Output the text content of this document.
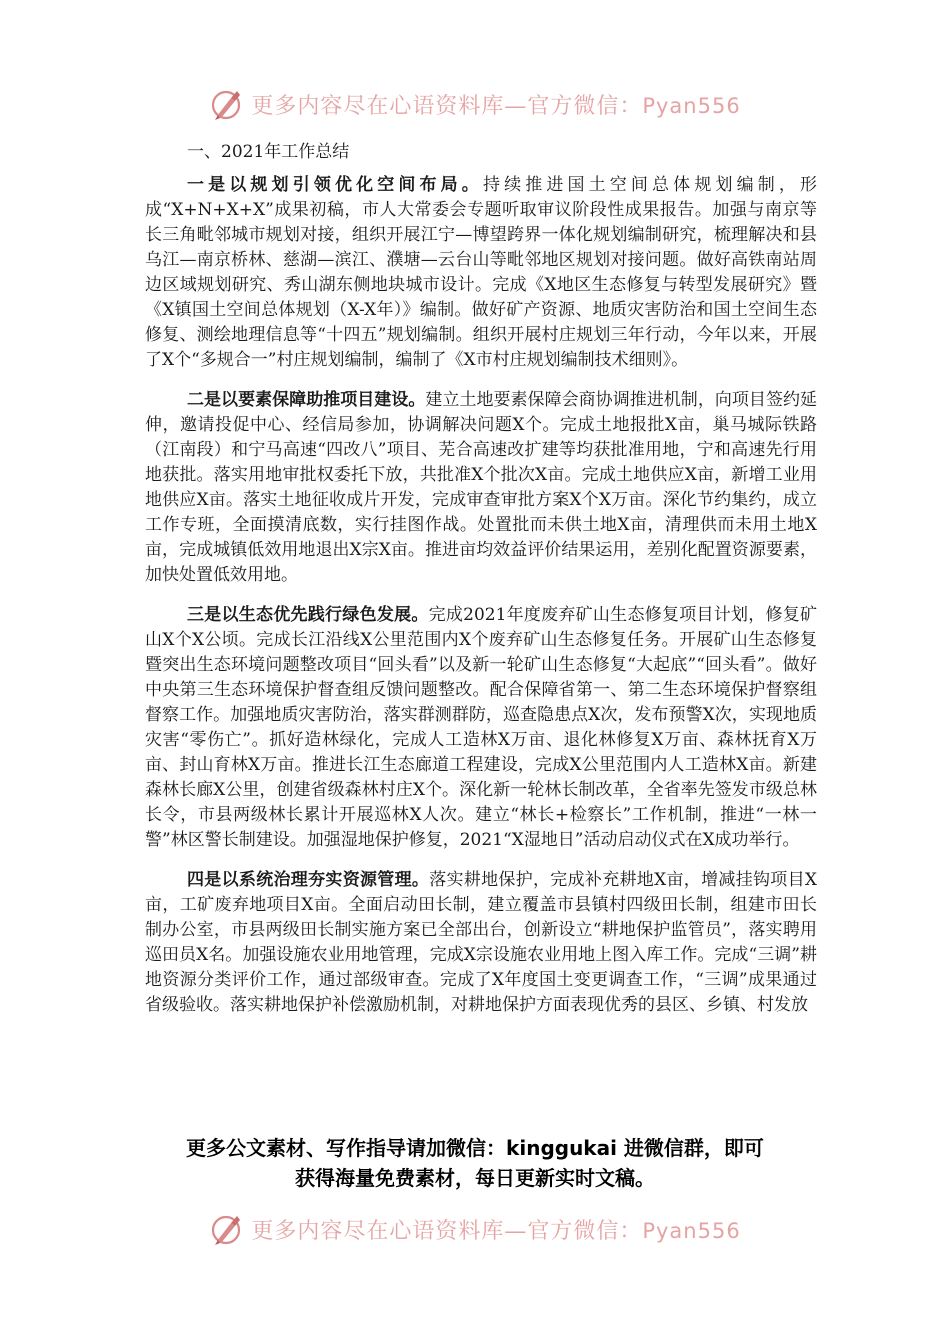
更多内容尽在心语资料库—官方微信：Pyan556
一、2021年工作总结

一是以规划引领优化空间布局。持续推进国土空间总体规划编制，形成“X+N+X+X”成果初稿，市人大常委会专题听取审议阶段性成果报告。加强与南京等长三角毗邻城市规划对接，组织开展江宁—博望跨界一体化规划编制研究，梳理解决和县乌江—南京桥林、慈湖—滨江、濮塘—云台山等毗邻地区规划对接问题。做好高铁南站周边区域规划研究、秀山湖东侧地块城市设计。完成《X地区生态修复与转型发展研究》暨《X镇国土空间总体规划（X-X年）》编制。做好矿产资源、地质灾害防治和国土空间生态修复、测绘地理信息等“十四五”规划编制。组织开展村庄规划三年行动，今年以来，开展了X个“多规合一”村庄规划编制，编制了《X市村庄规划编制技术细则》。

二是以要素保障助推项目建设。建立土地要素保障会商协调推进机制，向项目签约延伸，邀请投促中心、经信局参加，协调解决问题X个。完成土地报批X亩，巢马城际铁路（江南段）和宁马高速“四改八”项目、芜合高速改扩建等均获批准用地，宁和高速先行用地获批。落实用地审批权委托下放，共批准X个批次X亩。完成土地供应X亩，新增工业用地供应X亩。落实土地征收成片开发，完成审查审批方案X个X万亩。深化节约集约，成立工作专班，全面摸清底数，实行挂图作战。处置批而未供土地X亩，清理供而未用土地X亩，完成城镇低效用地退出X宗X亩。推进亩均效益评价结果运用，差别化配置资源要素，加快处置低效用地。

三是以生态优先践行绿色发展。完成2021年度废弃矿山生态修复项目计划，修复矿山X个X公顷。完成长江沿线X公里范围内X个废弃矿山生态修复任务。开展矿山生态修复暨突出生态环境问题整改项目“回头看”以及新一轮矿山生态修复“大起底”“回头看”。做好中央第三生态环境保护督查组反馈问题整改。配合保障省第一、第二生态环境保护督察组督察工作。加强地质灾害防治，落实群测群防，巡查隐患点X次，发布预警X次，实现地质灾害“零伤亡”。抓好造林绿化，完成人工造林X万亩、退化林修复X万亩、森林抚育X万亩、封山育林X万亩。推进长江生态廊道工程建设，完成X公里范围内人工造林X亩。新建森林长廊X公里，创建省级森林村庄X个。深化新一轮林长制改革，全省率先签发市级总林长令，市县两级林长累计开展巡林X人次。建立“林长+检察长”工作机制，推进“一林一警”林区警长制建设。加强湿地保护修复，2021“X湿地日”活动启动仪式在X成功举行。

四是以系统治理夯实资源管理。落实耕地保护，完成补充耕地X亩，增减挂钩项目X亩，工矿废弃地项目X亩。全面启动田长制，建立覆盖市县镇村四级田长制，组建市田长制办公室，市县两级田长制实施方案已全部出台，创新设立“耕地保护监管员”，落实聘用巡田员X名。加强设施农业用地管理，完成X宗设施农业用地上图入库工作。完成“三调”耕地资源分类评价工作，通过部级审查。完成了X年度国土变更调查工作，“三调”成果通过省级验收。落实耕地保护补偿激励机制，对耕地保护方面表现优秀的县区、乡镇、村发放

更多公文素材、写作指导请加微信：kinggukai 进微信群，即可
获得海量免费素材，每日更新实时文稿。
更多内容尽在心语资料库—官方微信：Pyan556
